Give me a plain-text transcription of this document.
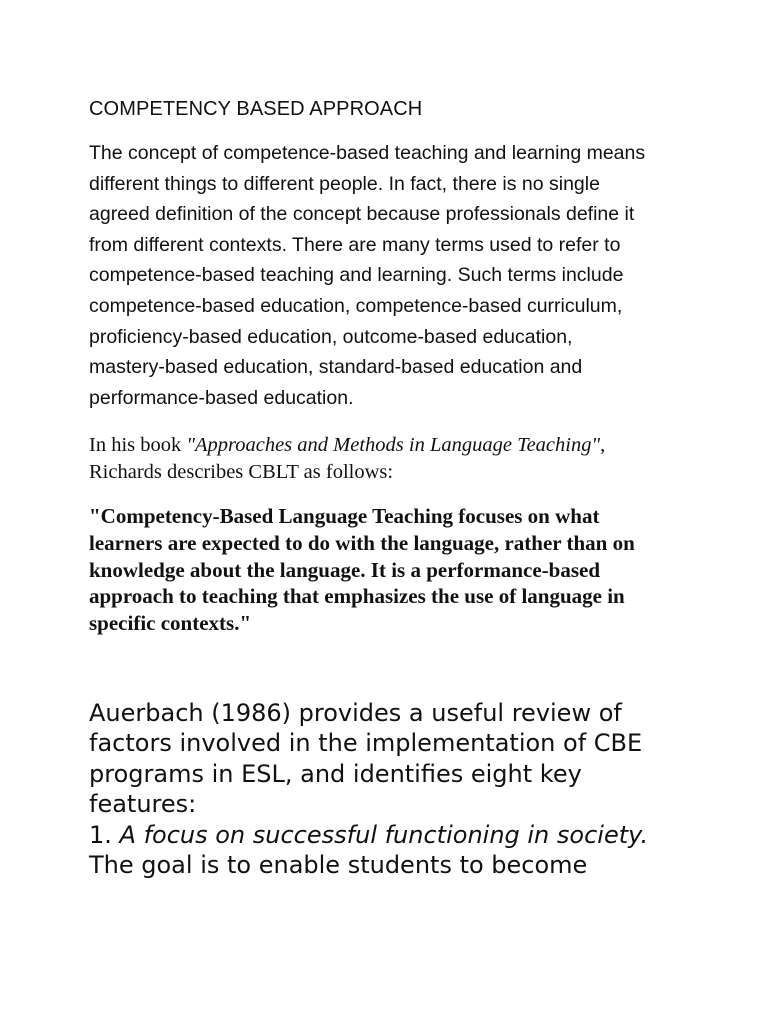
COMPETENCY BASED APPROACH

The concept of competence-based teaching and learning means
different things to different people. In fact, there is no single
agreed definition of the concept because professionals define it
from different contexts. There are many terms used to refer to
competence-based teaching and learning. Such terms include
competence-based education, competence-based curriculum,
proficiency-based education, outcome-based education,
mastery-based education, standard-based education and
performance-based education.

In his book "Approaches and Methods in Language Teaching",
Richards describes CBLT as follows:

"Competency-Based Language Teaching focuses on what
learners are expected to do with the language, rather than on
knowledge about the language. It is a performance-based
approach to teaching that emphasizes the use of language in
specific contexts."

Auerbach (1986) provides a useful review of
factors involved in the implementation of CBE
programs in ESL, and identifies eight key
features:
1. A focus on successful functioning in society.
The goal is to enable students to become
